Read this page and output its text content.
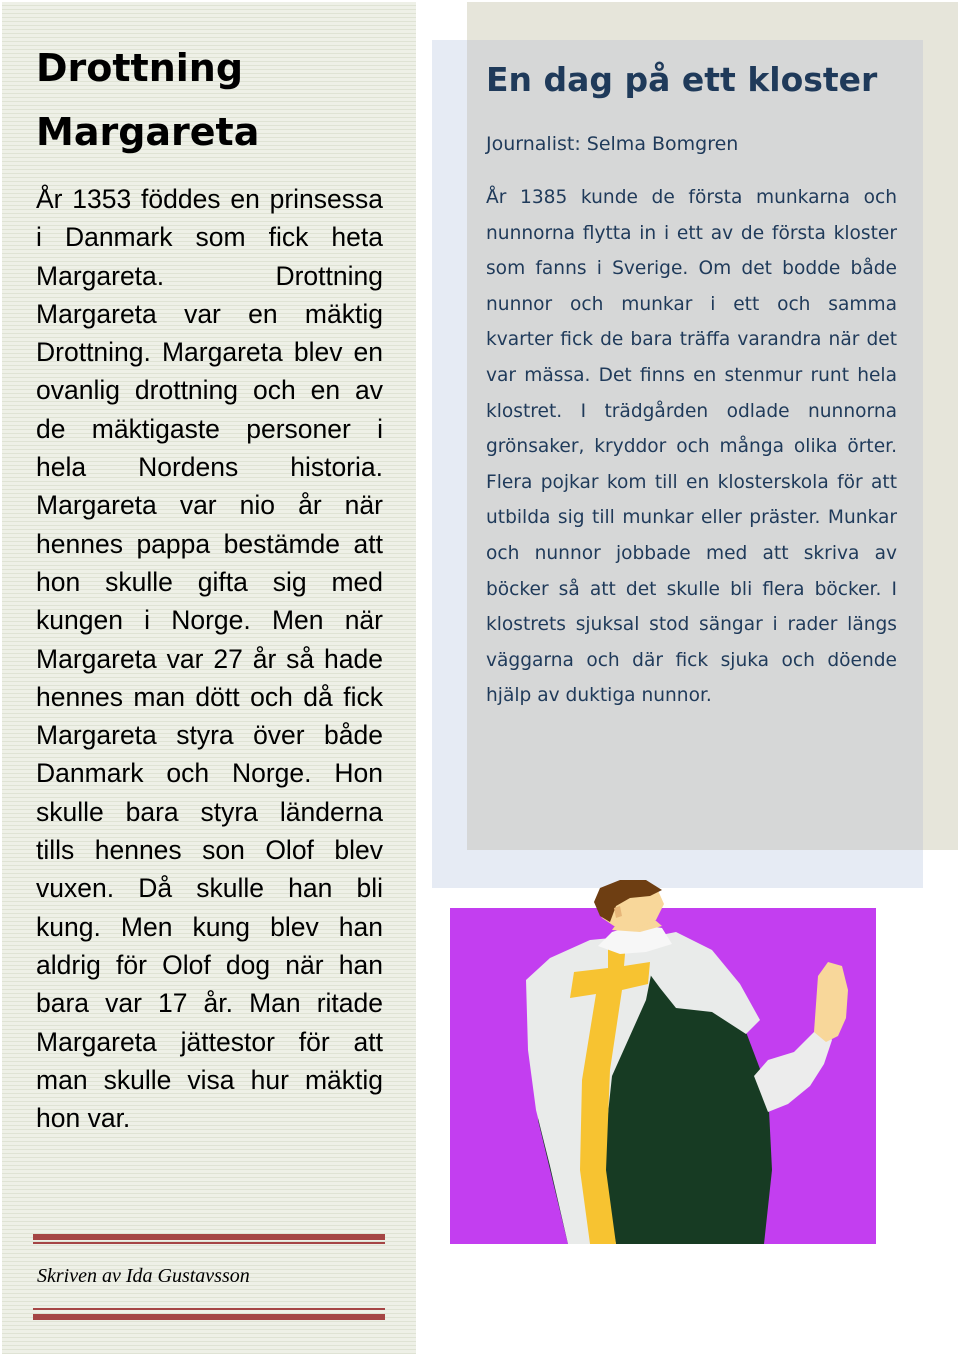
Drottning Margareta

År 1353 föddes en prinsessa i Danmark som fick heta Margareta. Drottning Margareta var en mäktig Drottning. Margareta blev en ovanlig drottning och en av de mäktigaste personer i hela Nordens historia. Margareta var nio år när hennes pappa bestämde att hon skulle gifta sig med kungen i Norge. Men när Margareta var 27 år så hade hennes man dött och då fick Margareta styra över både Danmark och Norge. Hon skulle bara styra länderna tills hennes son Olof blev vuxen. Då skulle han bli kung. Men kung blev han aldrig för Olof dog när han bara var 17 år. Man ritade Margareta jättestor för att man skulle visa hur mäktig hon var.

Skriven av Ida Gustavsson

En dag på ett kloster

Journalist: Selma Bomgren

År 1385 kunde de första munkarna och nunnorna flytta in i ett av de första kloster som fanns i Sverige. Om det bodde både nunnor och munkar i ett och samma kvarter fick de bara träffa varandra när det var mässa. Det finns en stenmur runt hela klostret. I trädgården odlade nunnorna grönsaker, kryddor och många olika örter. Flera pojkar kom till en klosterskola för att utbilda sig till munkar eller präster. Munkar och nunnor jobbade med att skriva av böcker så att det skulle bli flera böcker. I klostrets sjuksal stod sängar i rader längs väggarna och där fick sjuka och döende hjälp av duktiga nunnor.
